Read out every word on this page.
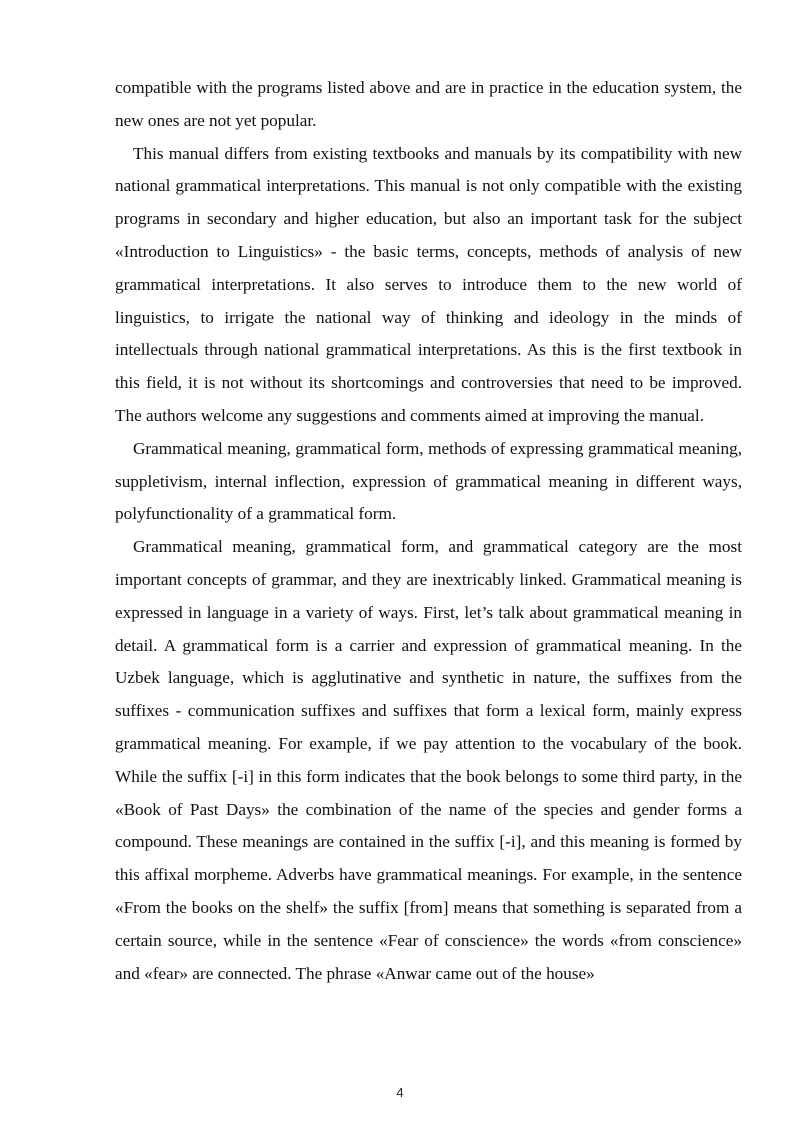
compatible with the programs listed above and are in practice in the education system, the new ones are not yet popular.

This manual differs from existing textbooks and manuals by its compatibility with new national grammatical interpretations. This manual is not only compatible with the existing programs in secondary and higher education, but also an important task for the subject «Introduction to Linguistics» - the basic terms, concepts, methods of analysis of new grammatical interpretations. It also serves to introduce them to the new world of linguistics, to irrigate the national way of thinking and ideology in the minds of intellectuals through national grammatical interpretations. As this is the first textbook in this field, it is not without its shortcomings and controversies that need to be improved. The authors welcome any suggestions and comments aimed at improving the manual.

Grammatical meaning, grammatical form, methods of expressing grammatical meaning, suppletivism, internal inflection, expression of grammatical meaning in different ways, polyfunctionality of a grammatical form.

Grammatical meaning, grammatical form, and grammatical category are the most important concepts of grammar, and they are inextricably linked. Grammatical meaning is expressed in language in a variety of ways. First, let’s talk about grammatical meaning in detail. A grammatical form is a carrier and expression of grammatical meaning. In the Uzbek language, which is agglutinative and synthetic in nature, the suffixes from the suffixes - communication suffixes and suffixes that form a lexical form, mainly express grammatical meaning. For example, if we pay attention to the vocabulary of the book. While the suffix [-i] in this form indicates that the book belongs to some third party, in the «Book of Past Days» the combination of the name of the species and gender forms a compound. These meanings are contained in the suffix [-i], and this meaning is formed by this affixal morpheme. Adverbs have grammatical meanings. For example, in the sentence «From the books on the shelf» the suffix [from] means that something is separated from a certain source, while in the sentence «Fear of conscience» the words «from conscience» and «fear» are connected. The phrase «Anwar came out of the house»

4
